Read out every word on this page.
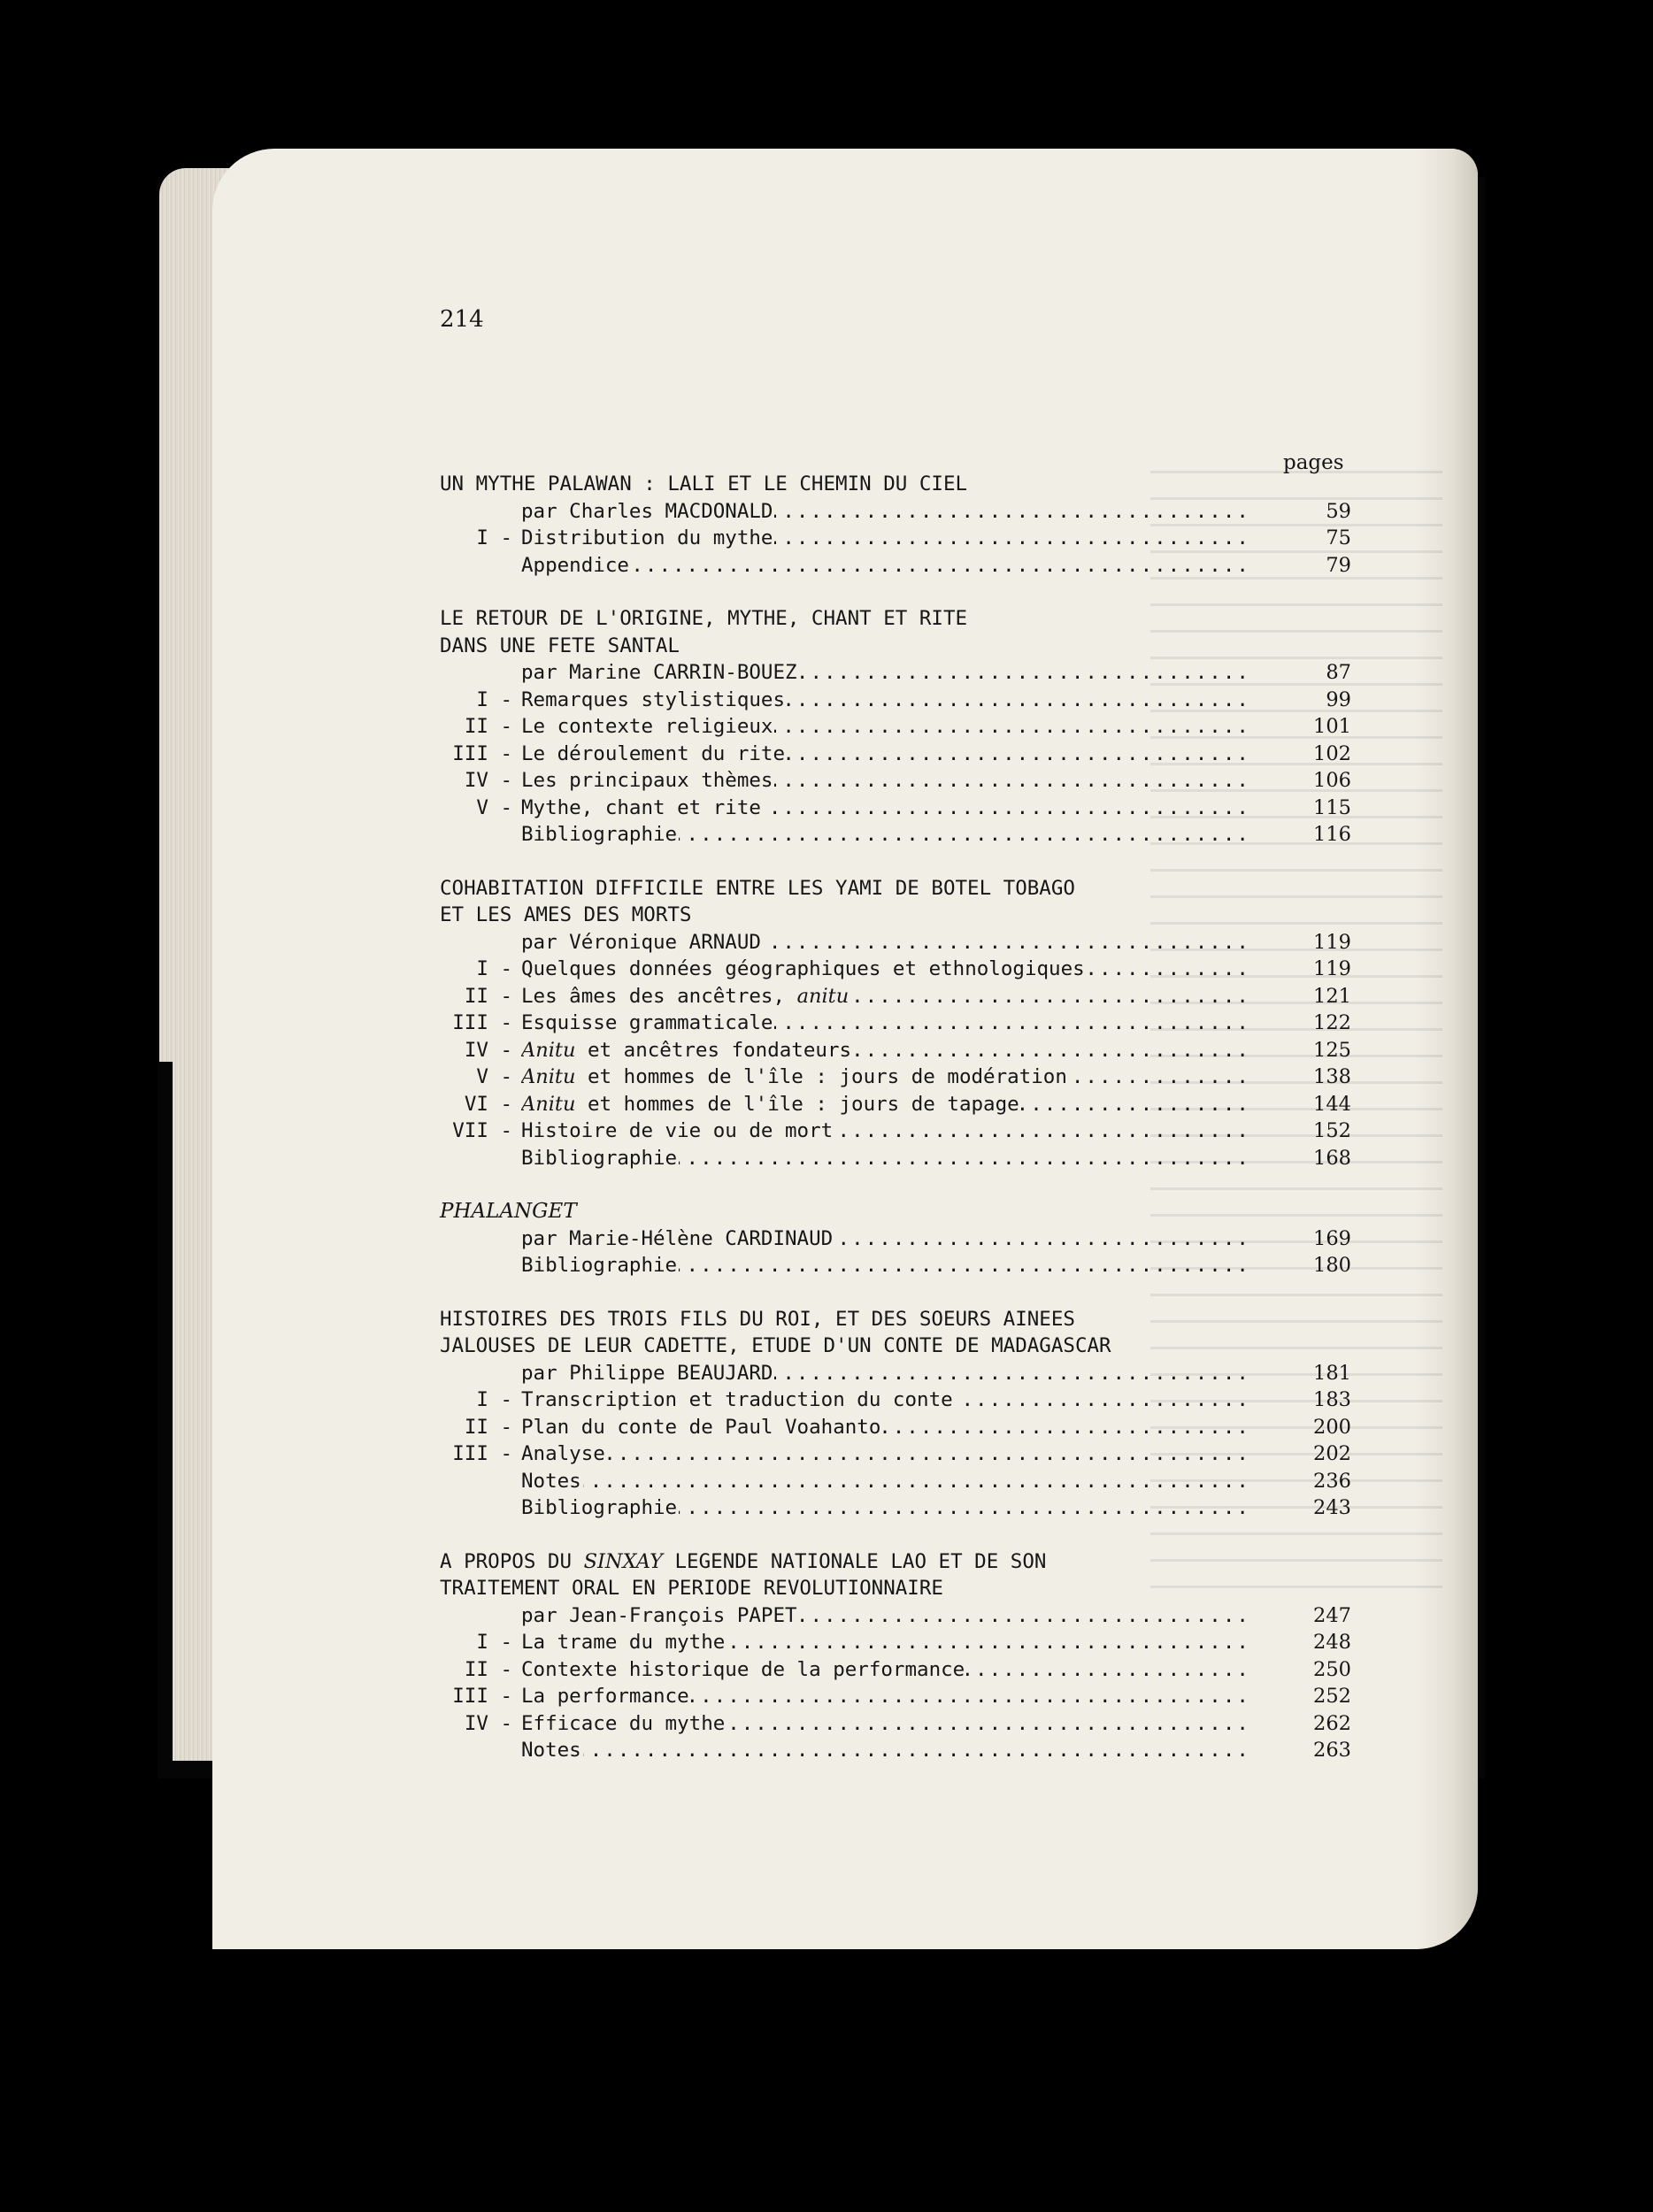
214
pages
UN MYTHE PALAWAN : LALI ET LE CHEMIN DU CIEL
par Charles MACDONALD .....	59
I - Distribution du mythe .....	75
Appendice .....	79
LE RETOUR DE L'ORIGINE, MYTHE, CHANT ET RITE
DANS UNE FETE SANTAL
par Marine CARRIN-BOUEZ .....	87
I - Remarques stylistiques .....	99
II - Le contexte religieux .....	101
III - Le déroulement du rite .....	102
IV - Les principaux thèmes .....	106
V - Mythe, chant et rite .....	115
Bibliographie .....	116
COHABITATION DIFFICILE ENTRE LES YAMI DE BOTEL TOBAGO
ET LES AMES DES MORTS
par Véronique ARNAUD .....	119
I - Quelques données géographiques et ethnologiques .....	119
II - Les âmes des ancêtres, anitu .....	121
III - Esquisse grammaticale .....	122
IV - Anitu et ancêtres fondateurs .....	125
V - Anitu et hommes de l'île : jours de modération .....	138
VI - Anitu et hommes de l'île : jours de tapage .....	144
VII - Histoire de vie ou de mort .....	152
Bibliographie .....	168
PHALANGET
par Marie-Hélène CARDINAUD .....	169
Bibliographie .....	180
HISTOIRES DES TROIS FILS DU ROI, ET DES SOEURS AINEES
JALOUSES DE LEUR CADETTE, ETUDE D'UN CONTE DE MADAGASCAR
par Philippe BEAUJARD .....	181
I - Transcription et traduction du conte .....	183
II - Plan du conte de Paul Voahanto .....	200
III - Analyse .....	202
Notes .....	236
Bibliographie .....	243
A PROPOS DU SINXAY LEGENDE NATIONALE LAO ET DE SON
TRAITEMENT ORAL EN PERIODE REVOLUTIONNAIRE
par Jean-François PAPET .....	247
I - La trame du mythe .....	248
II - Contexte historique de la performance .....	250
III - La performance .....	252
IV - Efficace du mythe .....	262
Notes .....	263
